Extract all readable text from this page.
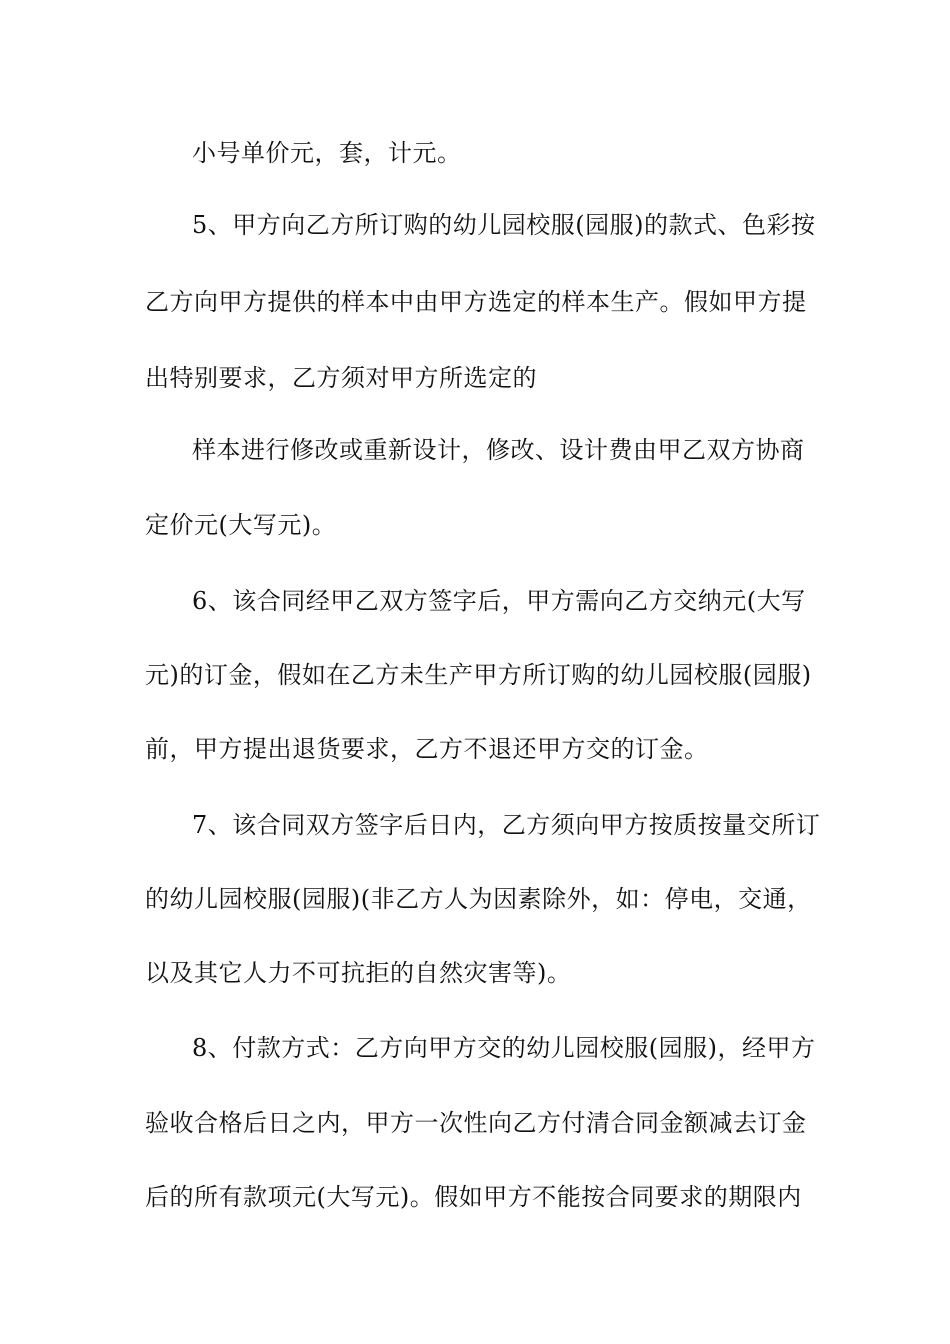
小号单价元，套，计元。
5、甲方向乙方所订购的幼儿园校服(园服)的款式、色彩按
乙方向甲方提供的样本中由甲方选定的样本生产。假如甲方提
出特别要求，乙方须对甲方所选定的
样本进行修改或重新设计，修改、设计费由甲乙双方协商
定价元(大写元)。
6、该合同经甲乙双方签字后，甲方需向乙方交纳元(大写
元)的订金，假如在乙方未生产甲方所订购的幼儿园校服(园服)
前，甲方提出退货要求，乙方不退还甲方交的订金。
7、该合同双方签字后日内，乙方须向甲方按质按量交所订
的幼儿园校服(园服)(非乙方人为因素除外，如：停电，交通，
以及其它人力不可抗拒的自然灾害等)。
8、付款方式：乙方向甲方交的幼儿园校服(园服)，经甲方
验收合格后日之内，甲方一次性向乙方付清合同金额减去订金
后的所有款项元(大写元)。假如甲方不能按合同要求的期限内
